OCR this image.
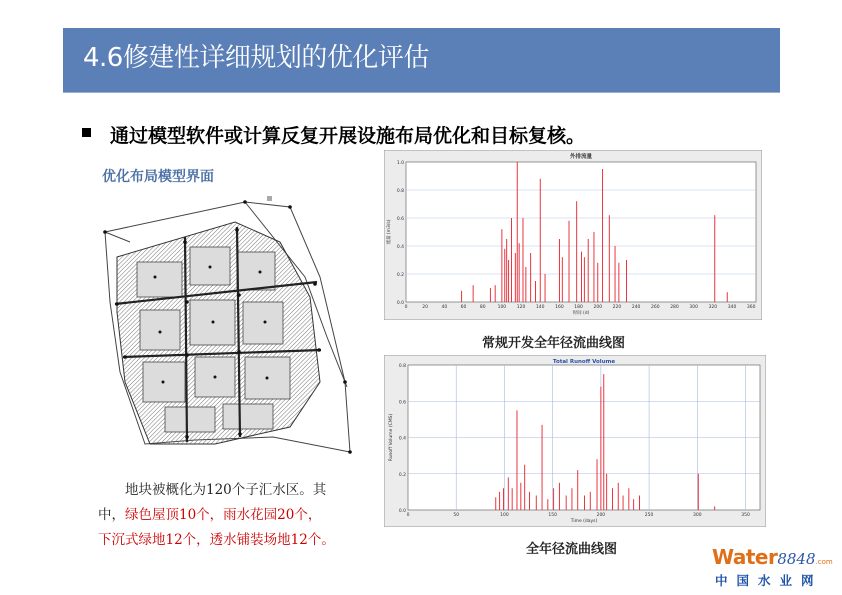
4.6修建性详细规划的优化评估
通过模型软件或计算反复开展设施布局优化和目标复核。
优化布局模型界面
地块被概化为120个子汇水区。其
中，绿色屋顶10个，雨水花园20个，
下沉式绿地12个，透水铺装场地12个。
外排流量
0.0
0.2
0.4
0.6
0.8
1.0
0	20	40	60	80	100 120 140 160 180 200 220 240 260 280 300 320 340 360
时间 (d)
流量 (m3/s)
常规开发全年径流曲线图
Total Runoff Volume
0.0
0.2
0.4
0.6
0.8
0	50	100	150	200	250	300	350
Time (days)
Runoff Volume (CMS)
全年径流曲线图	Water8848.com
中国水业网
